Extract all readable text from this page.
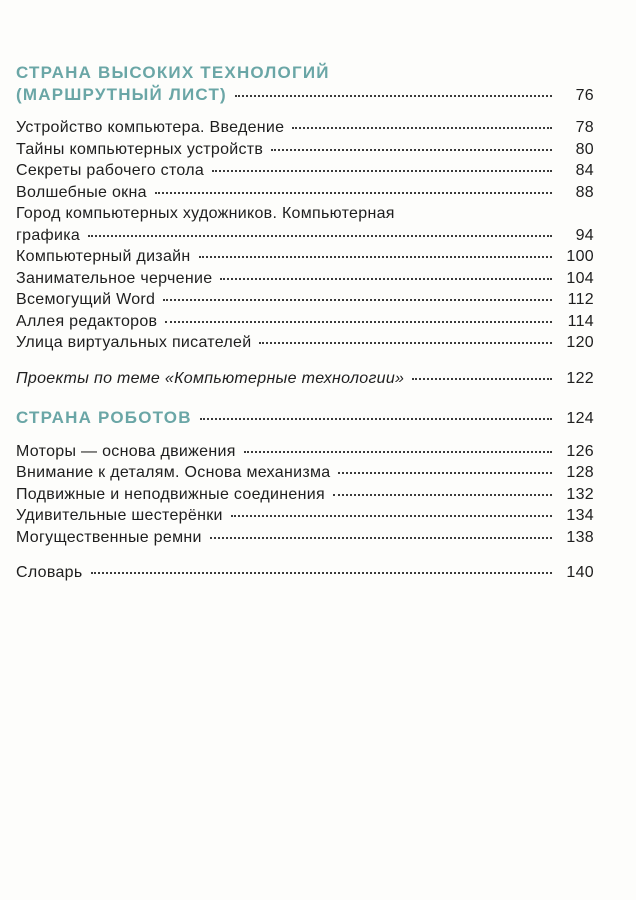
СТРАНА ВЫСОКИХ ТЕХНОЛОГИЙ
(МАРШРУТНЫЙ ЛИСТ)	76
Устройство компьютера. Введение	78
Тайны компьютерных устройств	80
Секреты рабочего стола	84
Волшебные окна	88
Город компьютерных художников. Компьютерная
графика	94
Компьютерный дизайн	100
Занимательное черчение	104
Всемогущий Word	112
Аллея редакторов	114
Улица виртуальных писателей	120
Проекты по теме «Компьютерные технологии»	122
СТРАНА РОБОТОВ	124
Моторы — основа движения	126
Внимание к деталям. Основа механизма	128
Подвижные и неподвижные соединения	132
Удивительные шестерёнки	134
Могущественные ремни	138
Словарь	140
